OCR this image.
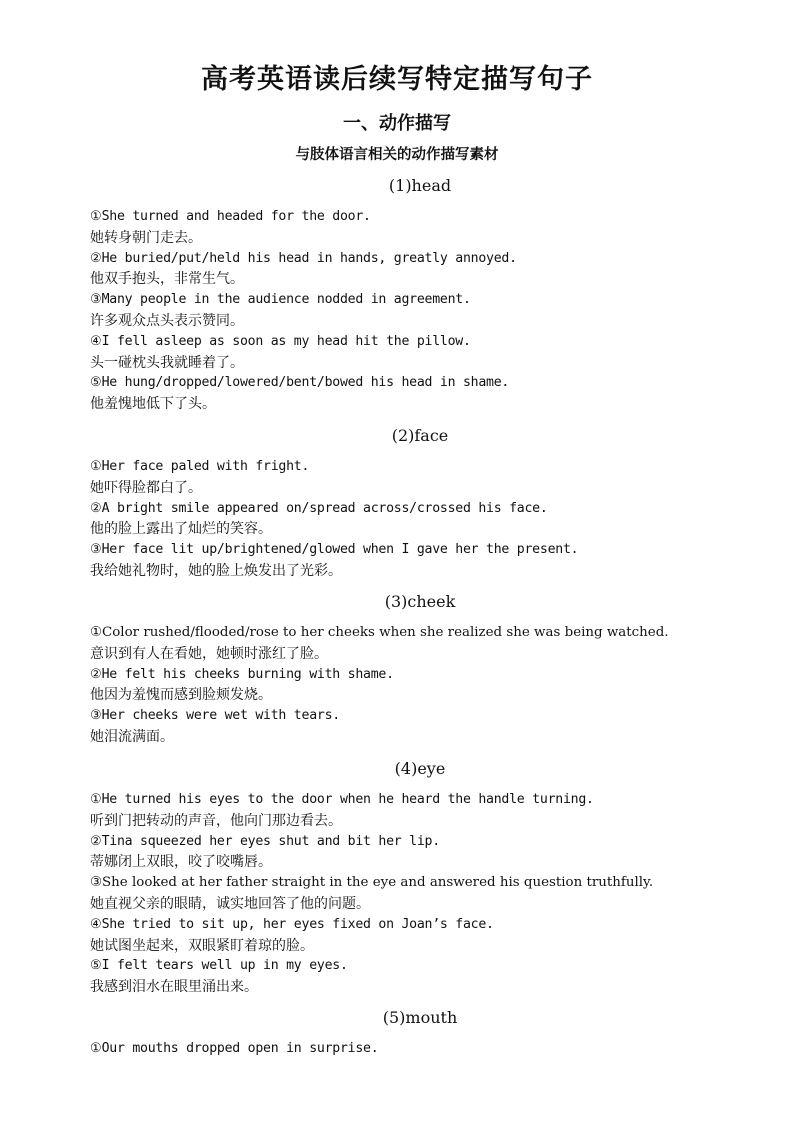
高考英语读后续写特定描写句子
一、动作描写
与肢体语言相关的动作描写素材
(1)head
①She turned and headed for the door.
她转身朝门走去。
②He buried/put/held his head in hands, greatly annoyed.
他双手抱头，非常生气。
③Many people in the audience nodded in agreement.
许多观众点头表示赞同。
④I fell asleep as soon as my head hit the pillow.
头一碰枕头我就睡着了。
⑤He hung/dropped/lowered/bent/bowed his head in shame.
他羞愧地低下了头。
(2)face
①Her face paled with fright.
她吓得脸都白了。
②A bright smile appeared on/spread across/crossed his face.
他的脸上露出了灿烂的笑容。
③Her face lit up/brightened/glowed when I gave her the present.
我给她礼物时，她的脸上焕发出了光彩。
(3)cheek
①Color rushed/flooded/rose to her cheeks when she realized she was being watched.
意识到有人在看她，她顿时涨红了脸。
②He felt his cheeks burning with shame.
他因为羞愧而感到脸颊发烧。
③Her cheeks were wet with tears.
她泪流满面。
(4)eye
①He turned his eyes to the door when he heard the handle turning.
听到门把转动的声音，他向门那边看去。
②Tina squeezed her eyes shut and bit her lip.
蒂娜闭上双眼，咬了咬嘴唇。
③She looked at her father straight in the eye and answered his question truthfully.
她直视父亲的眼睛，诚实地回答了他的问题。
④She tried to sit up, her eyes fixed on Joan’s face.
她试图坐起来，双眼紧盯着琼的脸。
⑤I felt tears well up in my eyes.
我感到泪水在眼里涌出来。
(5)mouth
①Our mouths dropped open in surprise.
